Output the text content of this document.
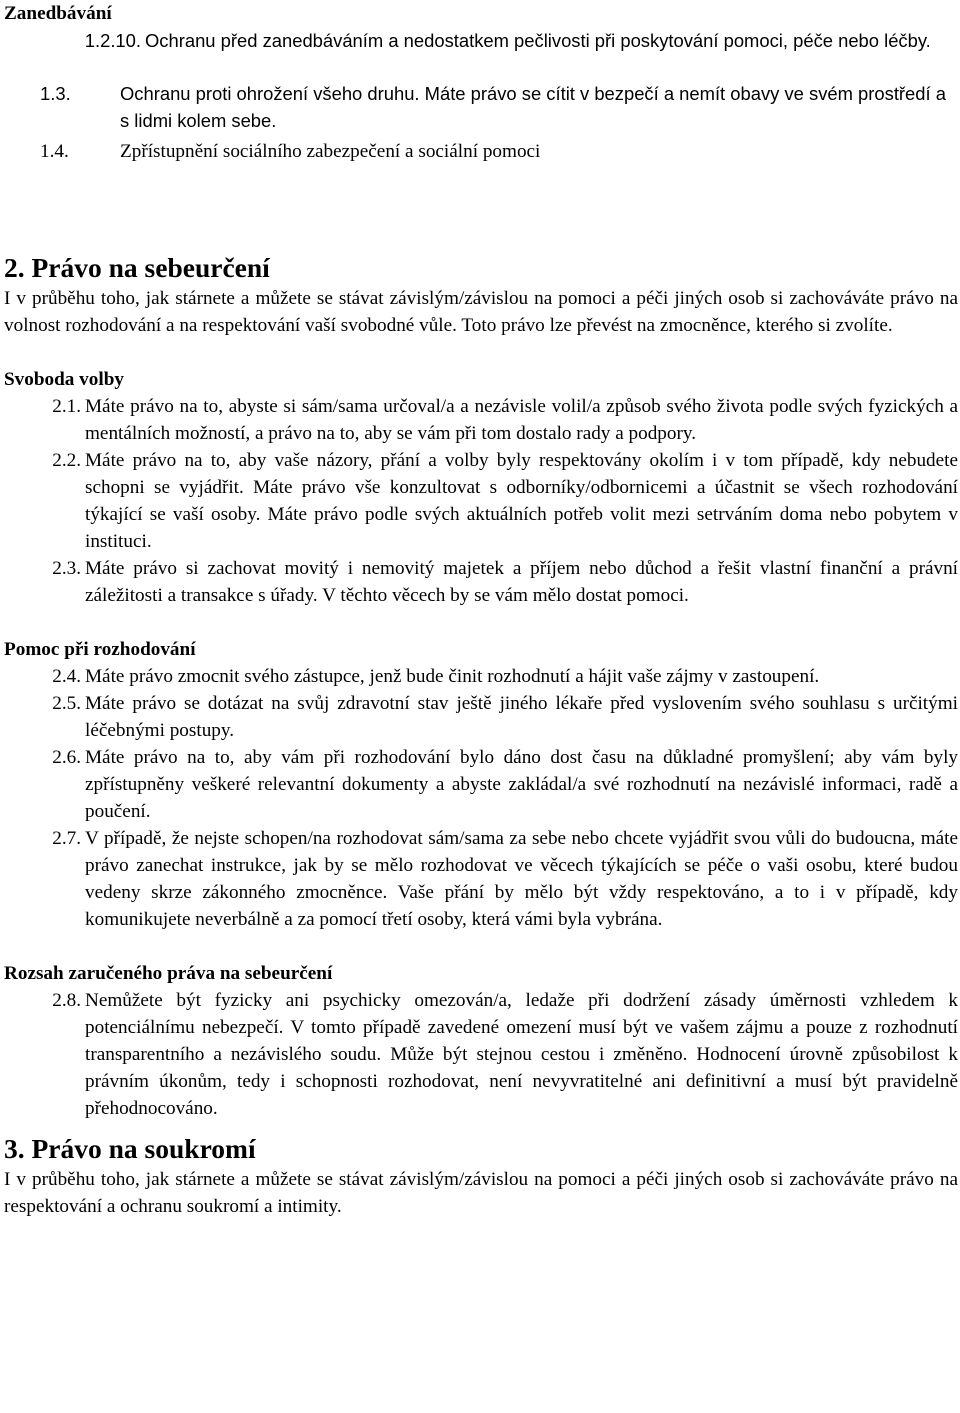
Zanedbávání
1.2.10. Ochranu před zanedbáváním a nedostatkem pečlivosti při poskytování pomoci, péče nebo léčby.
1.3.	Ochranu proti ohrožení všeho druhu. Máte právo se cítit v bezpečí a nemít obavy ve svém prostředí a s lidmi kolem sebe.
1.4.	Zpřístupnění sociálního zabezpečení a sociální pomoci
2. Právo na sebeurčení

I v průběhu toho, jak stárnete a můžete se stávat závislým/závislou na pomoci a péči jiných osob si zachováváte právo na volnost rozhodování a na respektování vaší svobodné vůle. Toto právo lze převést na zmocněnce, kterého si zvolíte.

Svoboda volby
2.1. Máte právo na to, abyste si sám/sama určoval/a a nezávisle volil/a způsob svého života podle svých fyzických a mentálních možností, a právo na to, aby se vám při tom dostalo rady a podpory.
2.2. Máte právo na to, aby vaše názory, přání a volby byly respektovány okolím i v tom případě, kdy nebudete schopni se vyjádřit. Máte právo vše konzultovat s odborníky/odbornicemi a účastnit se všech rozhodování týkající se vaší osoby. Máte právo podle svých aktuálních potřeb volit mezi setrváním doma nebo pobytem v instituci.
2.3. Máte právo si zachovat movitý i nemovitý majetek a příjem nebo důchod a řešit vlastní finanční a právní záležitosti a transakce s úřady. V těchto věcech by se vám mělo dostat pomoci.
Pomoc při rozhodování
2.4. Máte právo zmocnit svého zástupce, jenž bude činit rozhodnutí a hájit vaše zájmy v zastoupení.
2.5. Máte právo se dotázat na svůj zdravotní stav ještě jiného lékaře před vyslovením svého souhlasu s určitými léčebnými postupy.
2.6. Máte právo na to, aby vám při rozhodování bylo dáno dost času na důkladné promyšlení; aby vám byly zpřístupněny veškeré relevantní dokumenty a abyste zakládal/a své rozhodnutí na nezávislé informaci, radě a poučení.
2.7. V případě, že nejste schopen/na rozhodovat sám/sama za sebe nebo chcete vyjádřit svou vůli do budoucna, máte právo zanechat instrukce, jak by se mělo rozhodovat ve věcech týkajících se péče o vaši osobu, které budou vedeny skrze zákonného zmocněnce. Vaše přání by mělo být vždy respektováno, a to i v případě, kdy komunikujete neverbálně a za pomocí třetí osoby, která vámi byla vybrána.
Rozsah zaručeného práva na sebeurčení
2.8. Nemůžete být fyzicky ani psychicky omezován/a, ledaže při dodržení zásady úměrnosti vzhledem k potenciálnímu nebezpečí. V tomto případě zavedené omezení musí být ve vašem zájmu a pouze z rozhodnutí transparentního a nezávislého soudu. Může být stejnou cestou i změněno. Hodnocení úrovně způsobilost k právním úkonům, tedy i schopnosti rozhodovat, není nevyvratitelné ani definitivní a musí být pravidelně přehodnocováno.
3. Právo na soukromí

I v průběhu toho, jak stárnete a můžete se stávat závislým/závislou na pomoci a péči jiných osob si zachováváte právo na respektování a ochranu soukromí a intimity.
